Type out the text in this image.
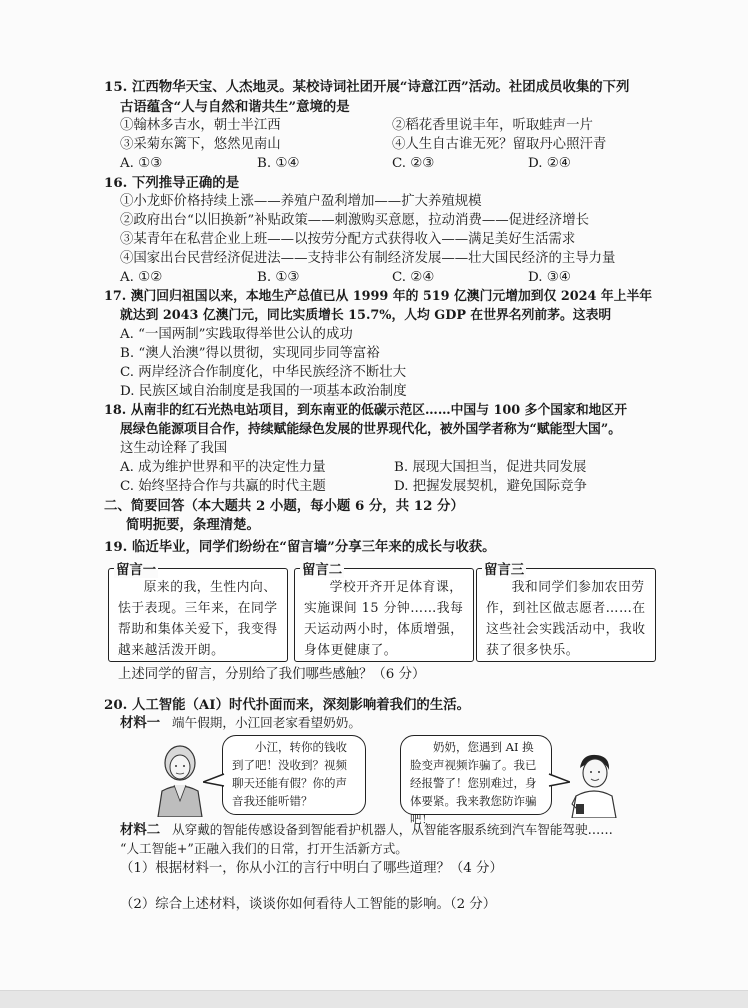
15. 江西物华天宝、人杰地灵。某校诗词社团开展“诗意江西”活动。社团成员收集的下列
古语蕴含“人与自然和谐共生”意境的是
①翰林多吉水，朝士半江西	②稻花香里说丰年，听取蛙声一片
③采菊东篱下，悠然见南山	④人生自古谁无死？留取丹心照汗青
A. ①③	B. ①④	C. ②③	D. ②④
16. 下列推导正确的是
①小龙虾价格持续上涨——养殖户盈利增加——扩大养殖规模
②政府出台“以旧换新”补贴政策——刺激购买意愿，拉动消费——促进经济增长
③某青年在私营企业上班——以按劳分配方式获得收入——满足美好生活需求
④国家出台民营经济促进法——支持非公有制经济发展——壮大国民经济的主导力量
A. ①②	B. ①③	C. ②④	D. ③④
17. 澳门回归祖国以来，本地生产总值已从 1999 年的 519 亿澳门元增加到仅 2024 年上半年
就达到 2043 亿澳门元，同比实质增长 15.7%，人均 GDP 在世界名列前茅。这表明
A. “一国两制”实践取得举世公认的成功
B. “澳人治澳”得以贯彻，实现同步同等富裕
C. 两岸经济合作制度化，中华民族经济不断壮大
D. 民族区域自治制度是我国的一项基本政治制度
18. 从南非的红石光热电站项目，到东南亚的低碳示范区……中国与 100 多个国家和地区开
展绿色能源项目合作，持续赋能绿色发展的世界现代化，被外国学者称为“赋能型大国”。
这生动诠释了我国
A. 成为维护世界和平的决定性力量	B. 展现大国担当，促进共同发展
C. 始终坚持合作与共赢的时代主题	D. 把握发展契机，避免国际竞争
二、简要回答（本大题共 2 小题，每小题 6 分，共 12 分）
简明扼要，条理清楚。
19. 临近毕业，同学们纷纷在“留言墙”分享三年来的成长与收获。
留言一
原来的我，生性内向、怯于表现。三年来，在同学帮助和集体关爱下，我变得越来越活泼开朗。
留言二
学校开齐开足体育课，实施课间 15 分钟……我每天运动两小时，体质增强，身体更健康了。
留言三
我和同学们参加农田劳作，到社区做志愿者……在这些社会实践活动中，我收获了很多快乐。
上述同学的留言，分别给了我们哪些感触？（6 分）
20. 人工智能（AI）时代扑面而来，深刻影响着我们的生活。
材料一 端午假期，小江回老家看望奶奶。
小江，转你的钱收到了吧！没收到？视频聊天还能有假？你的声音我还能听错？
奶奶，您遇到 AI 换脸变声视频诈骗了。我已经报警了！您别难过，身体要紧。我来教您防诈骗吧！
材料二 从穿戴的智能传感设备到智能看护机器人，从智能客服系统到汽车智能驾驶……
“人工智能+”正融入我们的日常，打开生活新方式。
（1）根据材料一，你从小江的言行中明白了哪些道理？（4 分）
（2）综合上述材料，谈谈你如何看待人工智能的影响。（2 分）
